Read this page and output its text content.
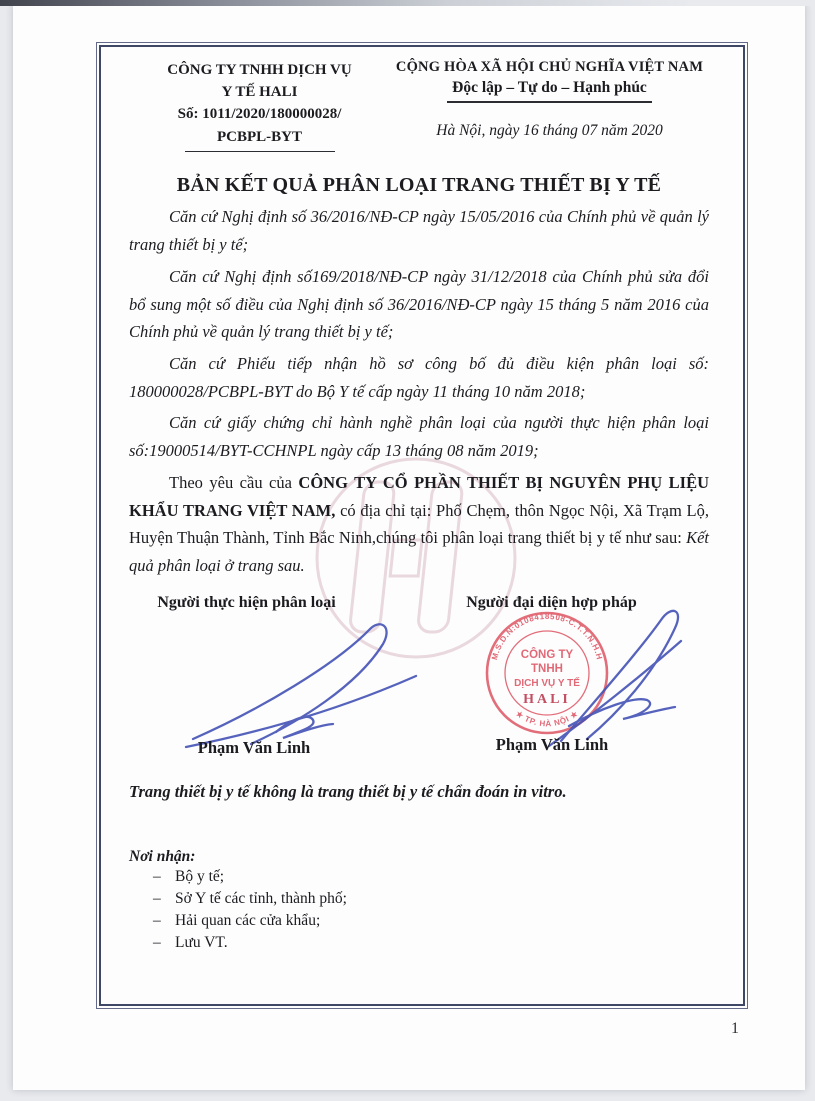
CÔNG TY TNHH DỊCH VỤ
Y TẾ HALI
Số: 1011/2020/180000028/
PCBPL-BYT
CỘNG HÒA XÃ HỘI CHỦ NGHĨA VIỆT NAM
Độc lập – Tự do – Hạnh phúc
Hà Nội, ngày 16 tháng 07 năm 2020
BẢN KẾT QUẢ PHÂN LOẠI TRANG THIẾT BỊ Y TẾ

Căn cứ Nghị định số 36/2016/NĐ-CP ngày 15/05/2016 của Chính phủ về quản lý trang thiết bị y tế;

Căn cứ Nghị định số169/2018/NĐ-CP ngày 31/12/2018 của Chính phủ sửa đổi bổ sung một số điều của Nghị định số 36/2016/NĐ-CP ngày 15 tháng 5 năm 2016 của Chính phủ về quản lý trang thiết bị y tế;

Căn cứ Phiếu tiếp nhận hồ sơ công bố đủ điều kiện phân loại số: 180000028/PCBPL-BYT do Bộ Y tế cấp ngày 11 tháng 10 năm 2018;

Căn cứ giấy chứng chỉ hành nghề phân loại của người thực hiện phân loại số:19000514/BYT-CCHNPL ngày cấp 13 tháng 08 năm 2019;

Theo yêu cầu của CÔNG TY CỔ PHẦN THIẾT BỊ NGUYÊN PHỤ LIỆU KHẨU TRANG VIỆT NAM, có địa chỉ tại: Phố Chẹm, thôn Ngọc Nội, Xã Trạm Lộ, Huyện Thuận Thành, Tỉnh Bắc Ninh,chúng tôi phân loại trang thiết bị y tế như sau: Kết quả phân loại ở trang sau.

Người thực hiện phân loại	Người đại diện hợp pháp
M.S.D.N:0108418508-C.T.T.N.H.H
★ TP. HÀ NỘI ★
CÔNG TY
TNHH
DỊCH VỤ Y TẾ
HALI
Phạm Văn Linh	Phạm Văn Linh
Trang thiết bị y tế không là trang thiết bị y tế chẩn đoán in vitro.
Nơi nhận:
– Bộ y tế;
– Sở Y tế các tỉnh, thành phố;
– Hải quan các cửa khẩu;
– Lưu VT.
1
